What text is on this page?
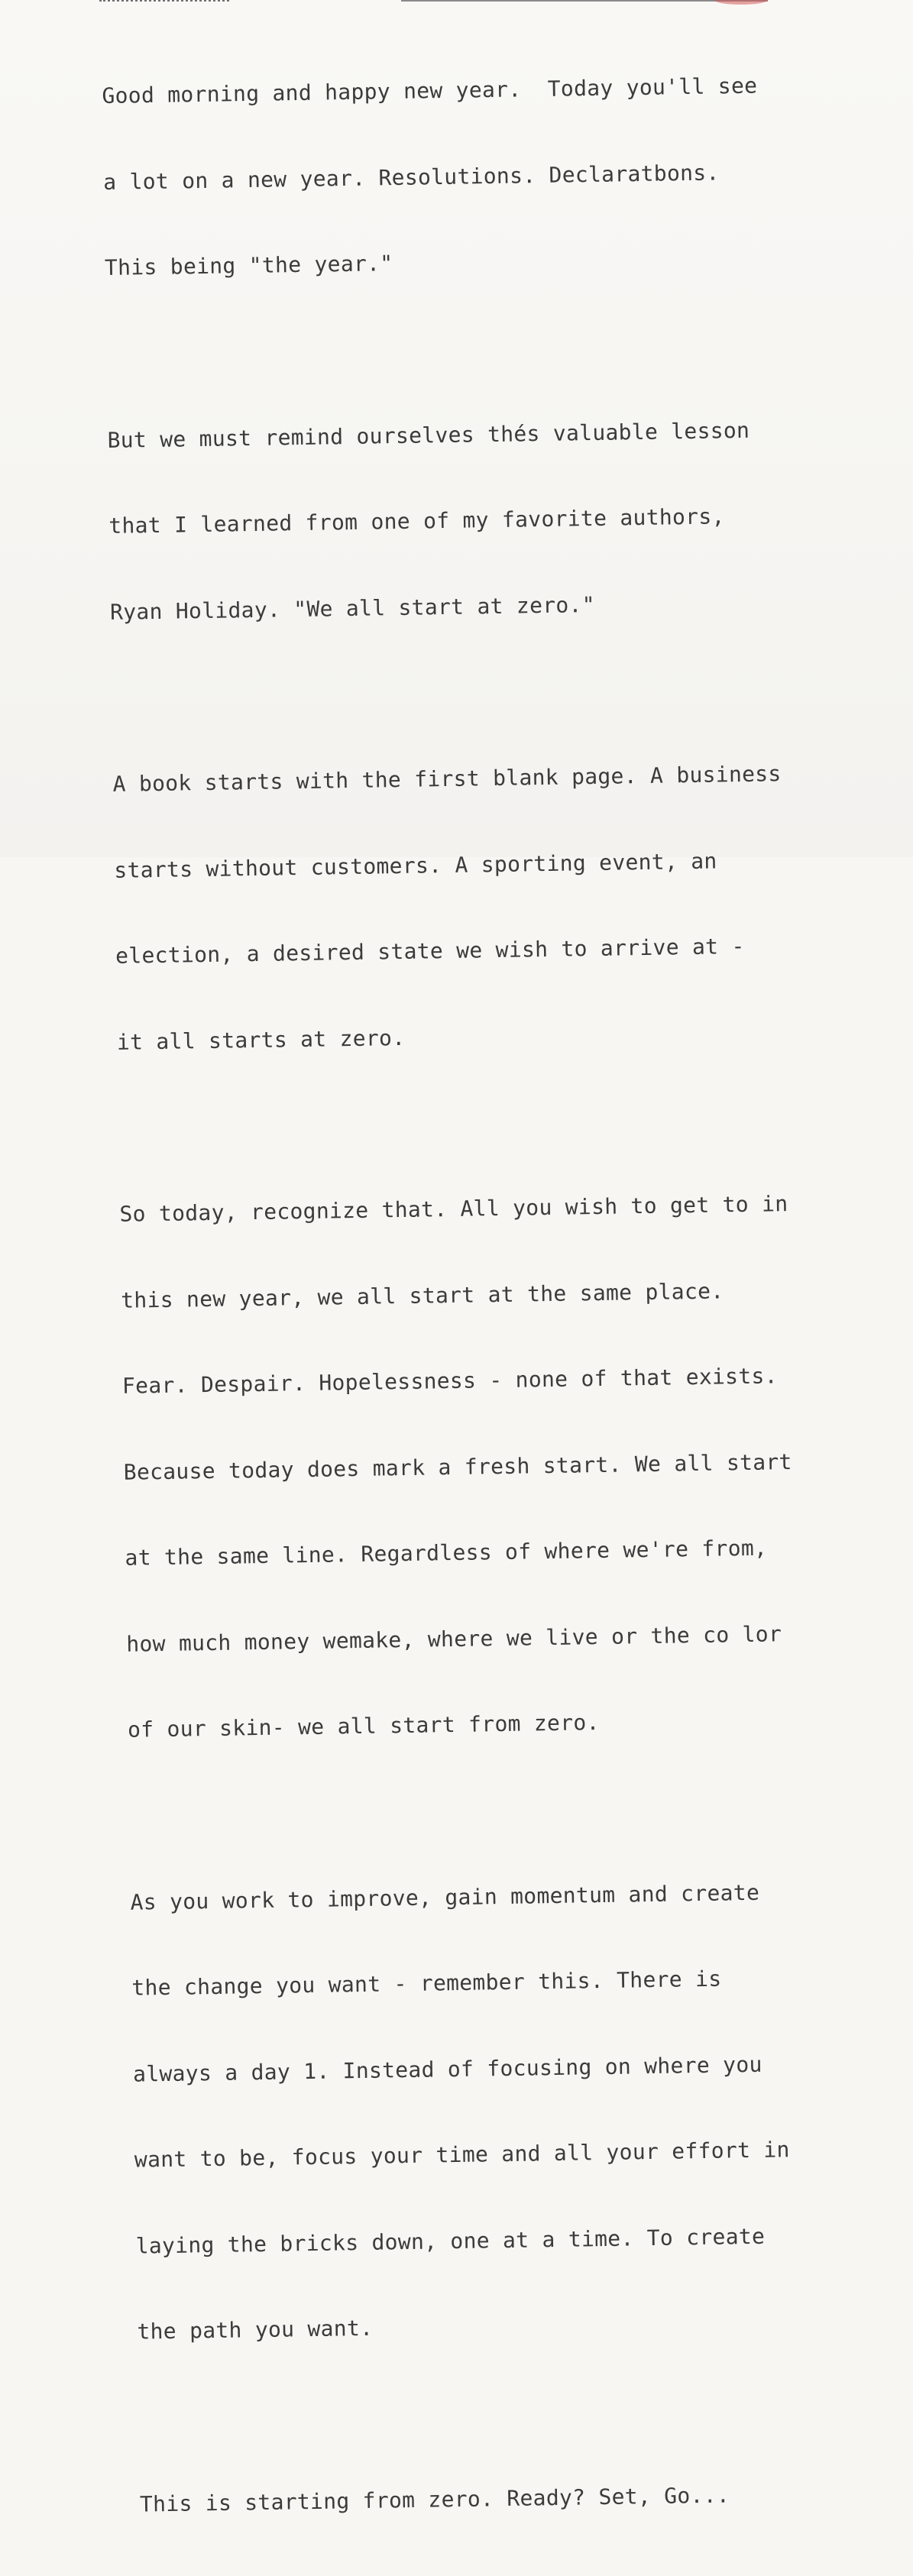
Good morning and happy new year.  Today you'll see

a lot on a new year. Resolutions. Declaratbons.

This being "the year."

But we must remind ourselves thés valuable lesson

that I learned from one of my favorite authors,

Ryan Holiday. "We all start at zero."

A book starts with the first blank page. A business

starts without customers. A sporting event, an

election, a desired state we wish to arrive at -

it all starts at zero.

So today, recognize that. All you wish to get to in

this new year, we all start at the same place.

Fear. Despair. Hopelessness - none of that exists.

Because today does mark a fresh start. We all start

at the same line. Regardless of where we're from,

how much money wemake, where we live or the co lor

of our skin- we all start from zero.

As you work to improve, gain momentum and create

the change you want - remember this. There is

always a day 1. Instead of focusing on where you

want to be, focus your time and all your effort in

laying the bricks down, one at a time. To create

the path you want.

This is starting from zero. Ready? Set, Go...
